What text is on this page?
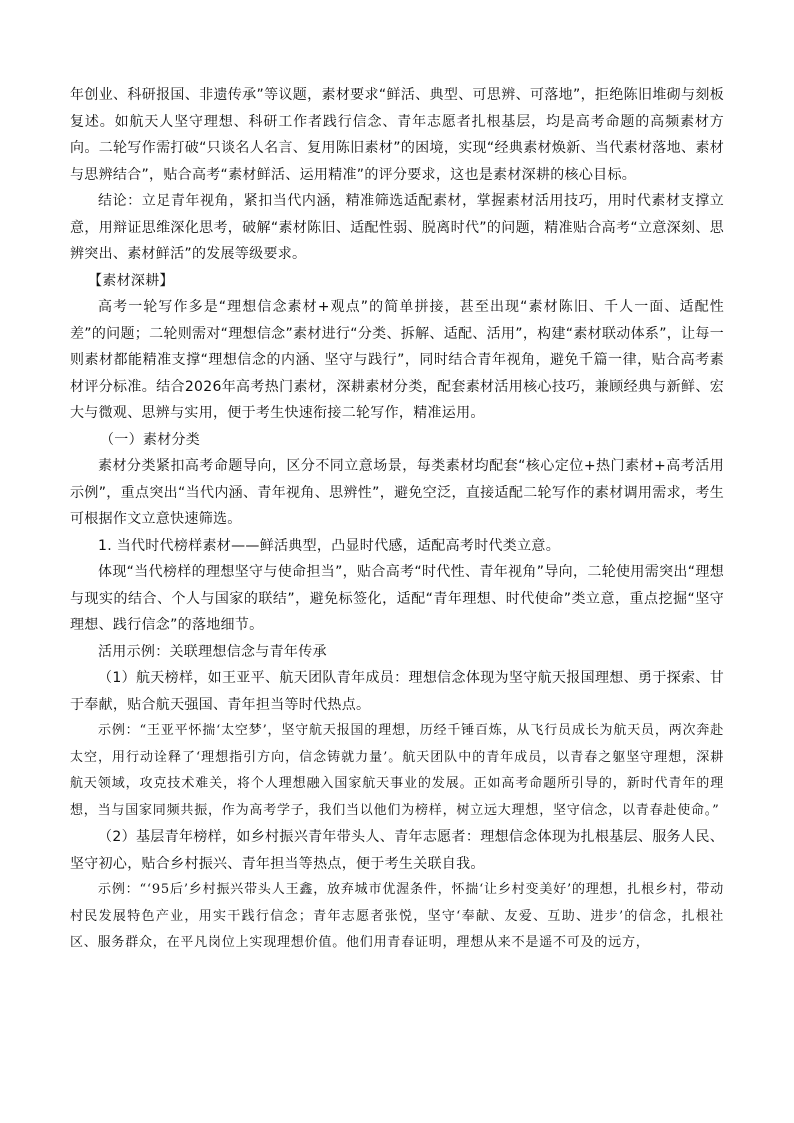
年创业、科研报国、非遗传承”等议题，素材要求“鲜活、典型、可思辨、可落地”，拒绝陈旧堆砌与刻板复述。如航天人坚守理想、科研工作者践行信念、青年志愿者扎根基层，均是高考命题的高频素材方向。二轮写作需打破“只谈名人名言、复用陈旧素材”的困境，实现“经典素材焕新、当代素材落地、素材与思辨结合”，贴合高考“素材鲜活、运用精准”的评分要求，这也是素材深耕的核心目标。

结论：立足青年视角，紧扣当代内涵，精准筛选适配素材，掌握素材活用技巧，用时代素材支撑立意，用辩证思维深化思考，破解“素材陈旧、适配性弱、脱离时代”的问题，精准贴合高考“立意深刻、思辨突出、素材鲜活”的发展等级要求。

【素材深耕】

高考一轮写作多是“理想信念素材+观点”的简单拼接，甚至出现“素材陈旧、千人一面、适配性差”的问题；二轮则需对“理想信念”素材进行“分类、拆解、适配、活用”，构建“素材联动体系”，让每一则素材都能精准支撑“理想信念的内涵、坚守与践行”，同时结合青年视角，避免千篇一律，贴合高考素材评分标准。结合2026年高考热门素材，深耕素材分类，配套素材活用核心技巧，兼顾经典与新鲜、宏大与微观、思辨与实用，便于考生快速衔接二轮写作，精准运用。

（一）素材分类

素材分类紧扣高考命题导向，区分不同立意场景，每类素材均配套“核心定位+热门素材+高考活用示例”，重点突出“当代内涵、青年视角、思辨性”，避免空泛，直接适配二轮写作的素材调用需求，考生可根据作文立意快速筛选。

1. 当代时代榜样素材——鲜活典型，凸显时代感，适配高考时代类立意。

体现“当代榜样的理想坚守与使命担当”，贴合高考“时代性、青年视角”导向，二轮使用需突出“理想与现实的结合、个人与国家的联结”，避免标签化，适配“青年理想、时代使命”类立意，重点挖掘“坚守理想、践行信念”的落地细节。

活用示例：关联理想信念与青年传承

（1）航天榜样，如王亚平、航天团队青年成员：理想信念体现为坚守航天报国理想、勇于探索、甘于奉献，贴合航天强国、青年担当等时代热点。

示例：“王亚平怀揣‘太空梦’，坚守航天报国的理想，历经千锤百炼，从飞行员成长为航天员，两次奔赴太空，用行动诠释了‘理想指引方向，信念铸就力量’。航天团队中的青年成员，以青春之躯坚守理想，深耕航天领域，攻克技术难关，将个人理想融入国家航天事业的发展。正如高考命题所引导的，新时代青年的理想，当与国家同频共振，作为高考学子，我们当以他们为榜样，树立远大理想，坚守信念，以青春赴使命。”

（2）基层青年榜样，如乡村振兴青年带头人、青年志愿者：理想信念体现为扎根基层、服务人民、坚守初心，贴合乡村振兴、青年担当等热点，便于考生关联自我。

示例：“‘95后’乡村振兴带头人王鑫，放弃城市优渥条件，怀揣‘让乡村变美好’的理想，扎根乡村，带动村民发展特色产业，用实干践行信念；青年志愿者张悦，坚守‘奉献、友爱、互助、进步’的信念，扎根社区、服务群众，在平凡岗位上实现理想价值。他们用青春证明，理想从来不是遥不可及的远方，
